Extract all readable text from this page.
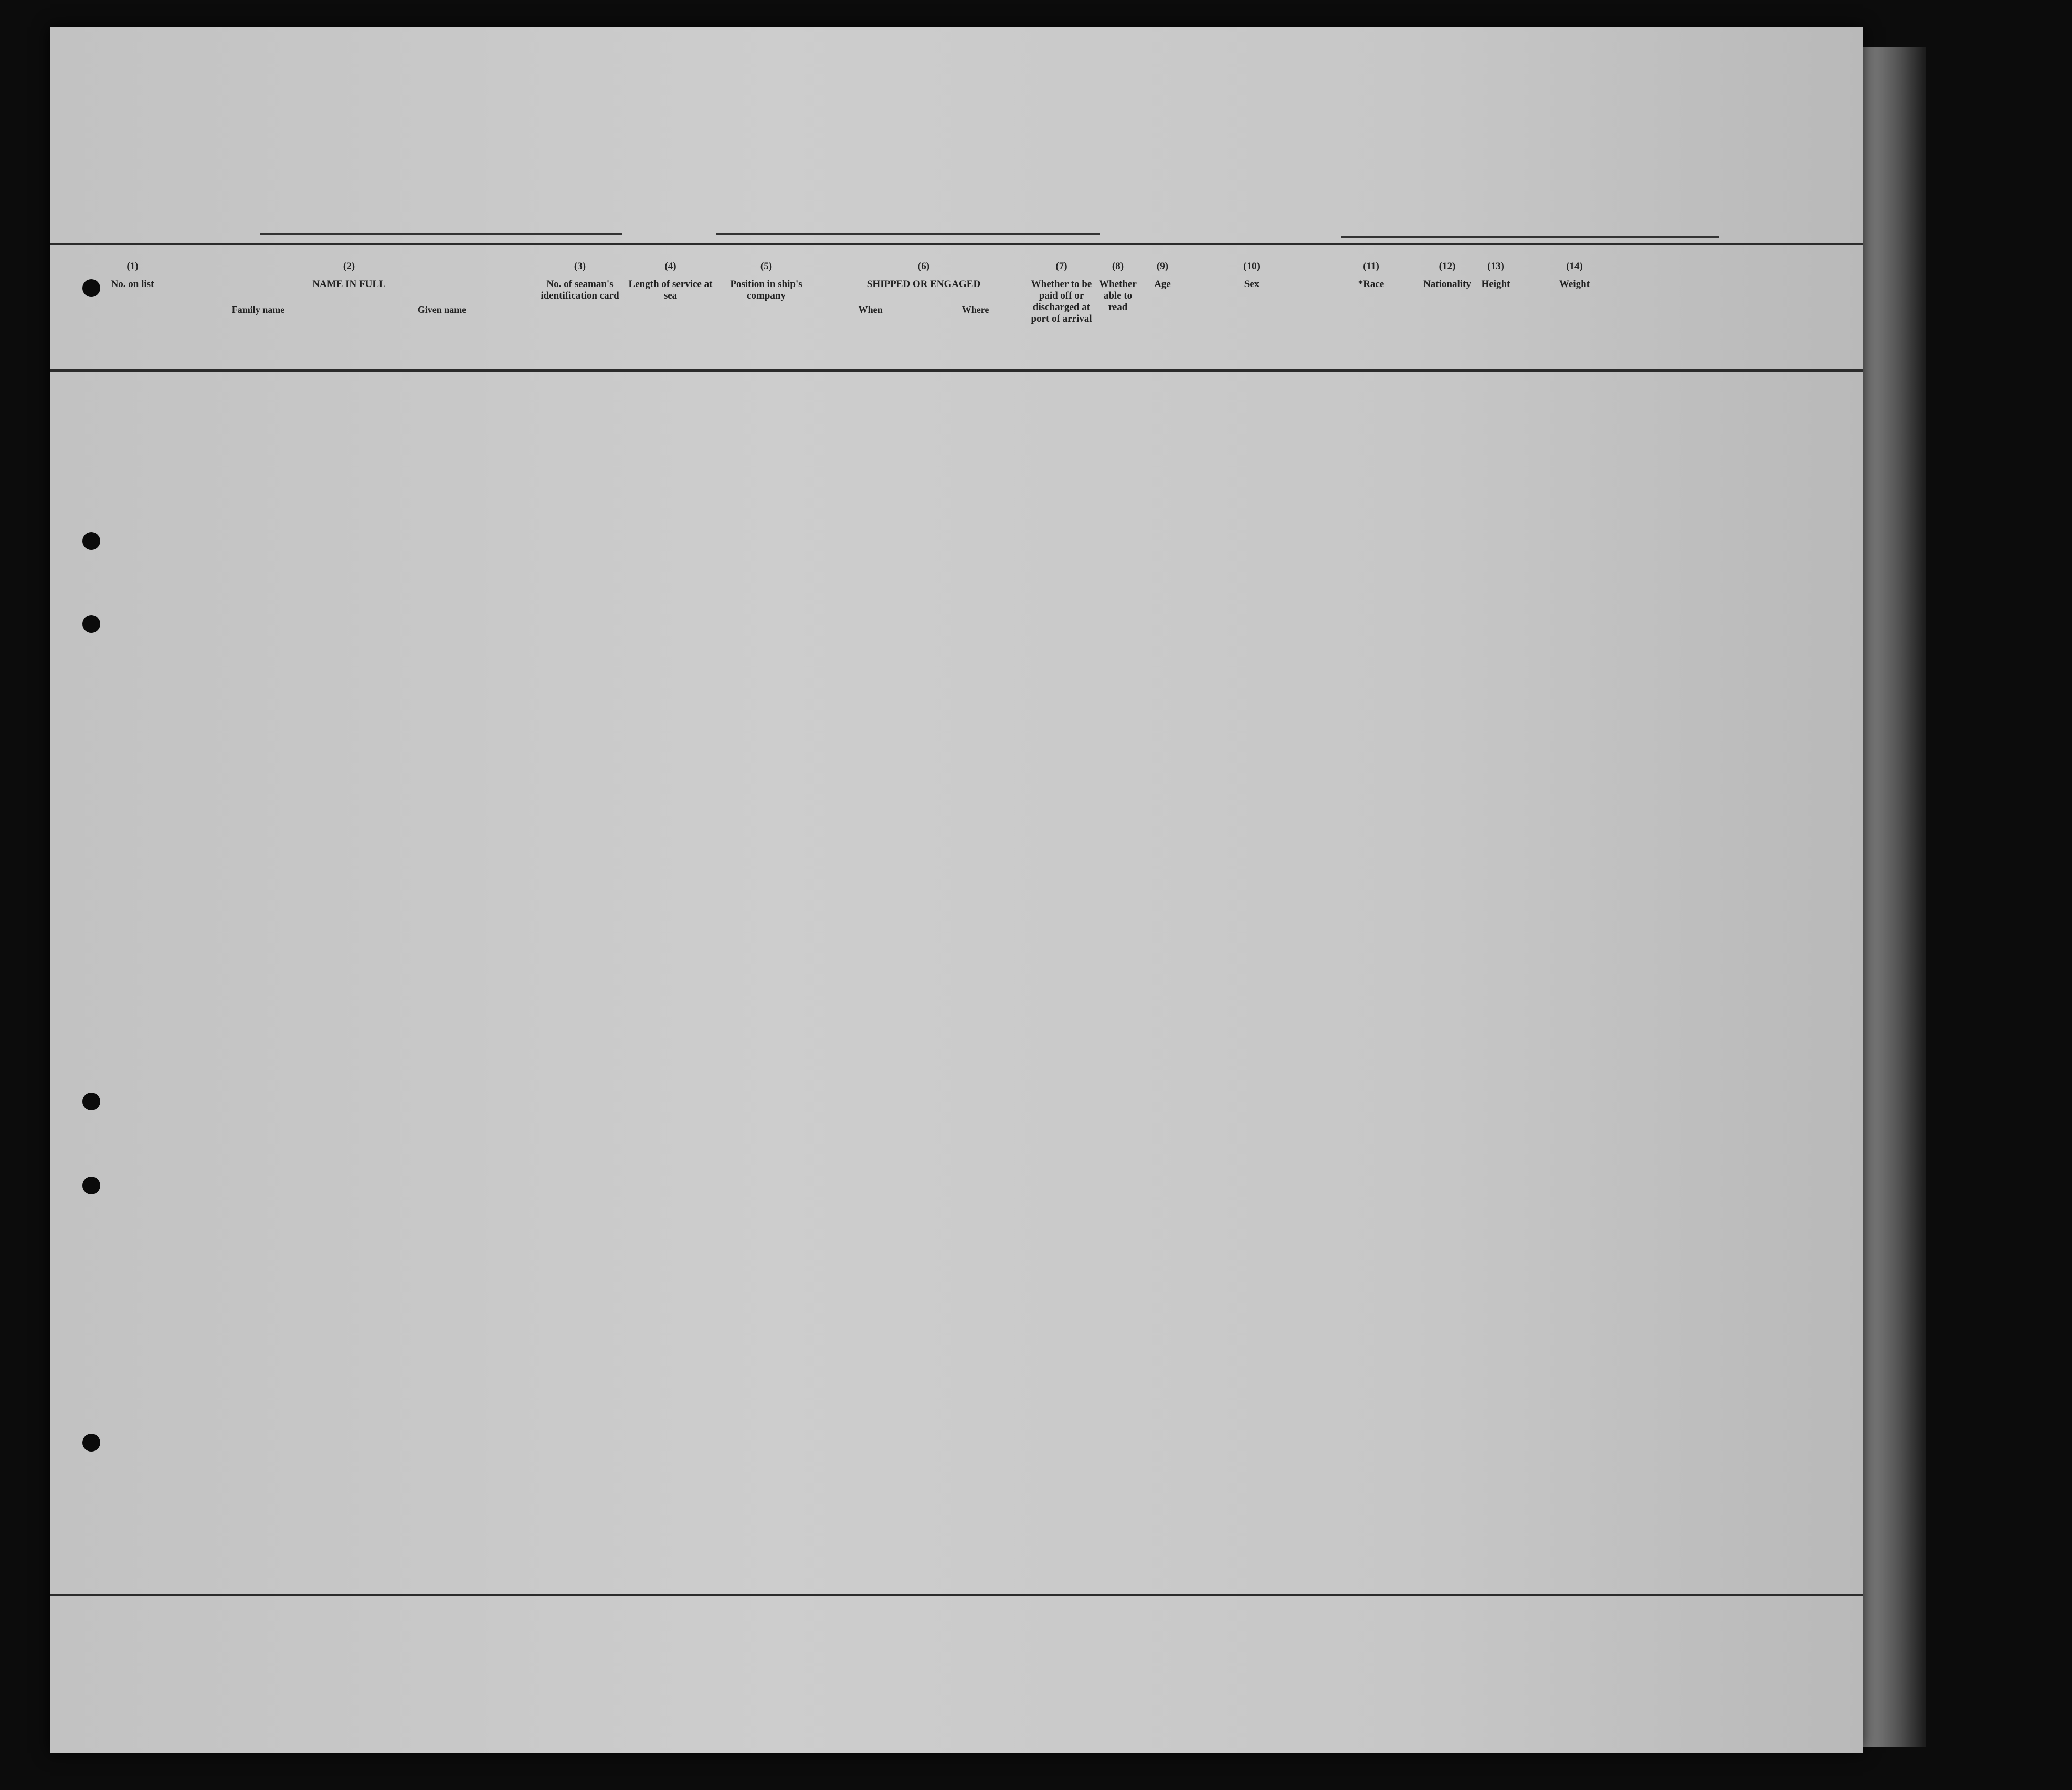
(1)
No. on list
(2)
NAME IN FULL
Family name	Given name
(3)
No. of seaman's identification card
(4)
Length of service at sea
(5)
Position in ship's company
(6)
SHIPPED OR ENGAGED
When	Where
(7)
Whether to be paid off or discharged at port of arrival
(8)
Whether able to read
(9)
Age
(10)
Sex
(11)
*Race
(12)
Nationality
(13)
Height
(14)
Weight
